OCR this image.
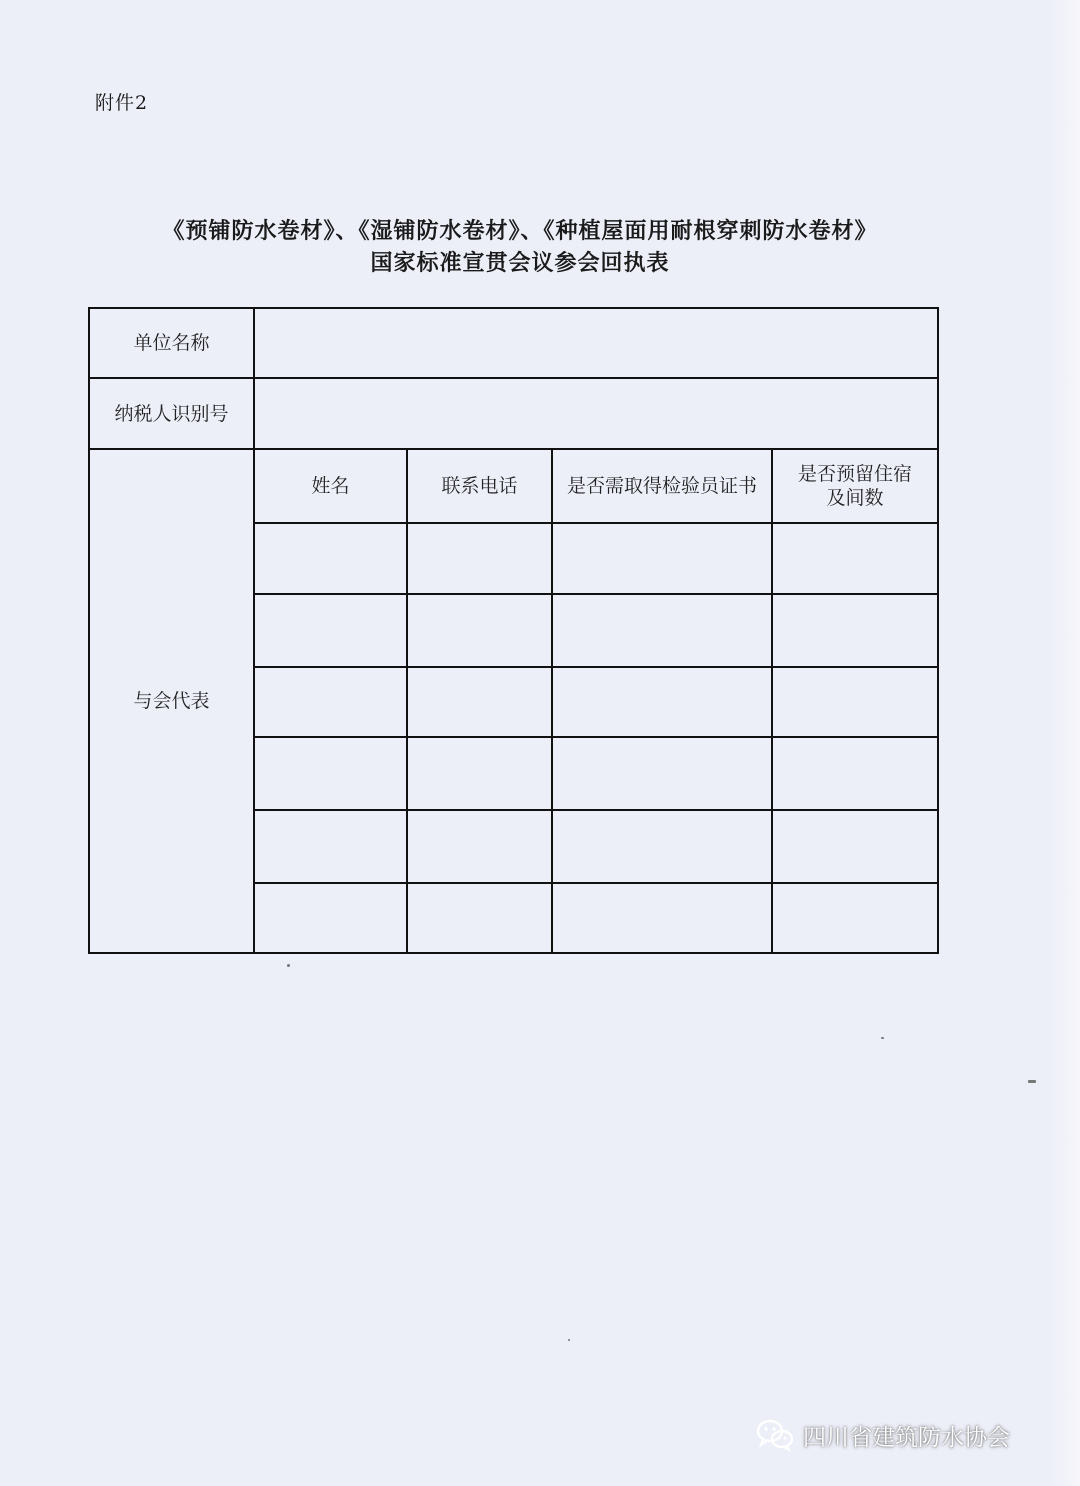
附件2
《预铺防水卷材》、《湿铺防水卷材》、《种植屋面用耐根穿刺防水卷材》
国家标准宣贯会议参会回执表
单位名称
纳税人识别号
与会代表
姓名	联系电话	是否需取得检验员证书
是否预留住宿
及间数
四川省建筑防水协会
